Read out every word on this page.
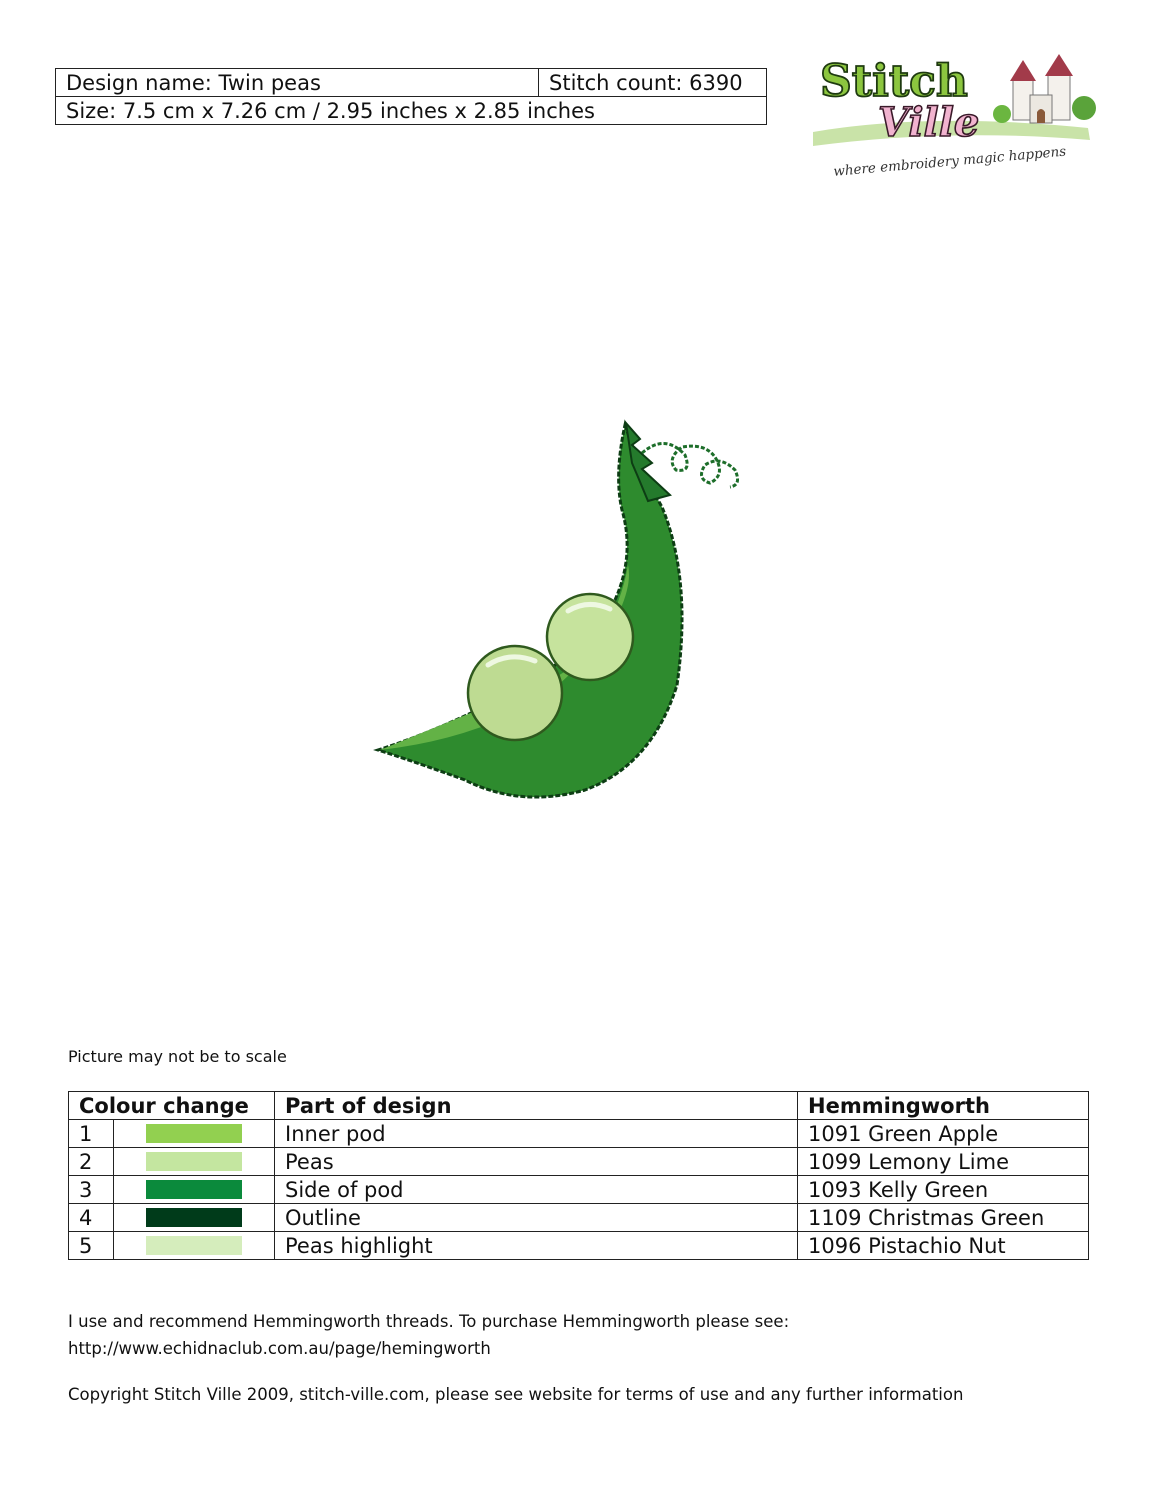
Design name: Twin peas	Stitch count: 6390
Size: 7.5 cm x 7.26 cm / 2.95 inches x 2.85 inches
Stitch
Ville
where embroidery magic happens
Picture may not be to scale
Colour change		Part of design	Hemmingworth
1		Inner pod	1091 Green Apple
2		Peas	1099 Lemony Lime
3		Side of pod	1093 Kelly Green
4		Outline	1109 Christmas Green
5		Peas highlight	1096 Pistachio Nut
I use and recommend Hemmingworth threads. To purchase Hemmingworth please see:
http://www.echidnaclub.com.au/page/hemingworth
Copyright Stitch Ville 2009, stitch-ville.com, please see website for terms of use and any further information
